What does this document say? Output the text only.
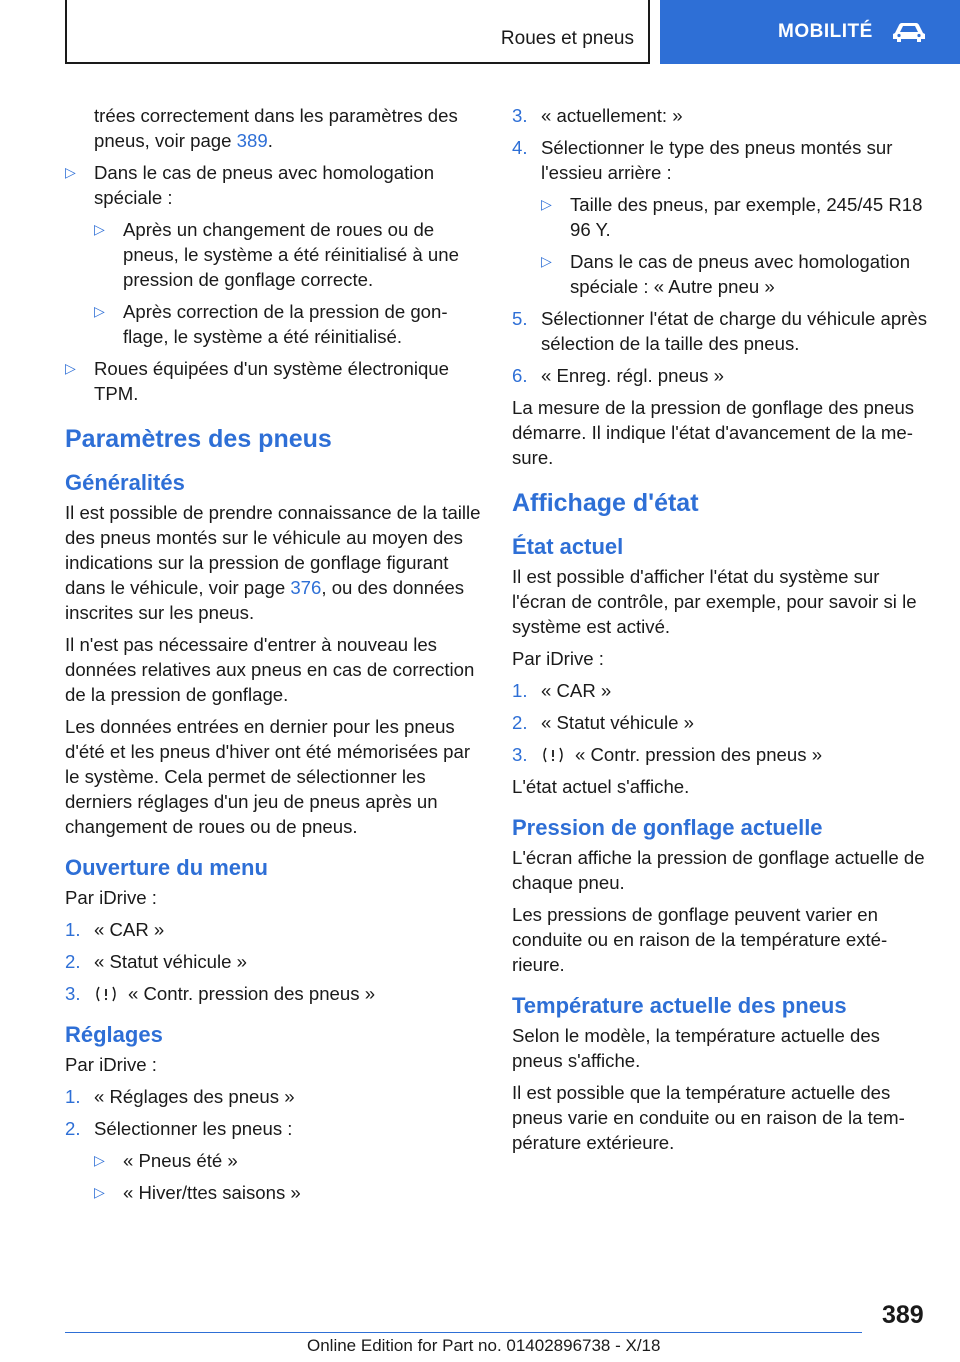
Roues et pneus	MOBILITÉ

trées correctement dans les paramètres des pneus, voir page 389.

▷ Dans le cas de pneus avec homologation spéciale :
▷ Après un changement de roues ou de pneus, le système a été réinitialisé à une pression de gonflage correcte.
▷ Après correction de la pression de gonflage, le système a été réinitialisé.
▷ Roues équipées d'un système électronique TPM.
Paramètres des pneus
Généralités

Il est possible de prendre connaissance de la taille des pneus montés sur le véhicule au moyen des indications sur la pression de gonflage figurant dans le véhicule, voir page 376, ou des données inscrites sur les pneus.

Il n'est pas nécessaire d'entrer à nouveau les données relatives aux pneus en cas de correction de la pression de gonflage.

Les données entrées en dernier pour les pneus d'été et les pneus d'hiver ont été mémorisées par le système. Cela permet de sélectionner les derniers réglages d'un jeu de pneus après un changement de roues ou de pneus.

Ouverture du menu

Par iDrive :

1. « CAR »
2. « Statut véhicule »
3.	« Contr. pression des pneus »
Réglages

Par iDrive :

1. « Réglages des pneus »
2. Sélectionner les pneus :
▷ « Pneus été »
▷ « Hiver/ttes saisons »
3. « actuellement: »
4. Sélectionner le type des pneus montés sur l'essieu arrière :
▷ Taille des pneus, par exemple, 245/45 R18 96 Y.
▷ Dans le cas de pneus avec homologation spéciale : « Autre pneu »
5. Sélectionner l'état de charge du véhicule après sélection de la taille des pneus.
6. « Enreg. régl. pneus »

La mesure de la pression de gonflage des pneus démarre. Il indique l'état d'avancement de la mesure.

Affichage d'état
État actuel

Il est possible d'afficher l'état du système sur l'écran de contrôle, par exemple, pour savoir si le système est activé.

Par iDrive :

1. « CAR »
2. « Statut véhicule »
3.	« Contr. pression des pneus »

L'état actuel s'affiche.

Pression de gonflage actuelle

L'écran affiche la pression de gonflage actuelle de chaque pneu.

Les pressions de gonflage peuvent varier en conduite ou en raison de la température extérieure.

Température actuelle des pneus

Selon le modèle, la température actuelle des pneus s'affiche.

Il est possible que la température actuelle des pneus varie en conduite ou en raison de la température extérieure.

389
Online Edition for Part no. 01402896738 - X/18
